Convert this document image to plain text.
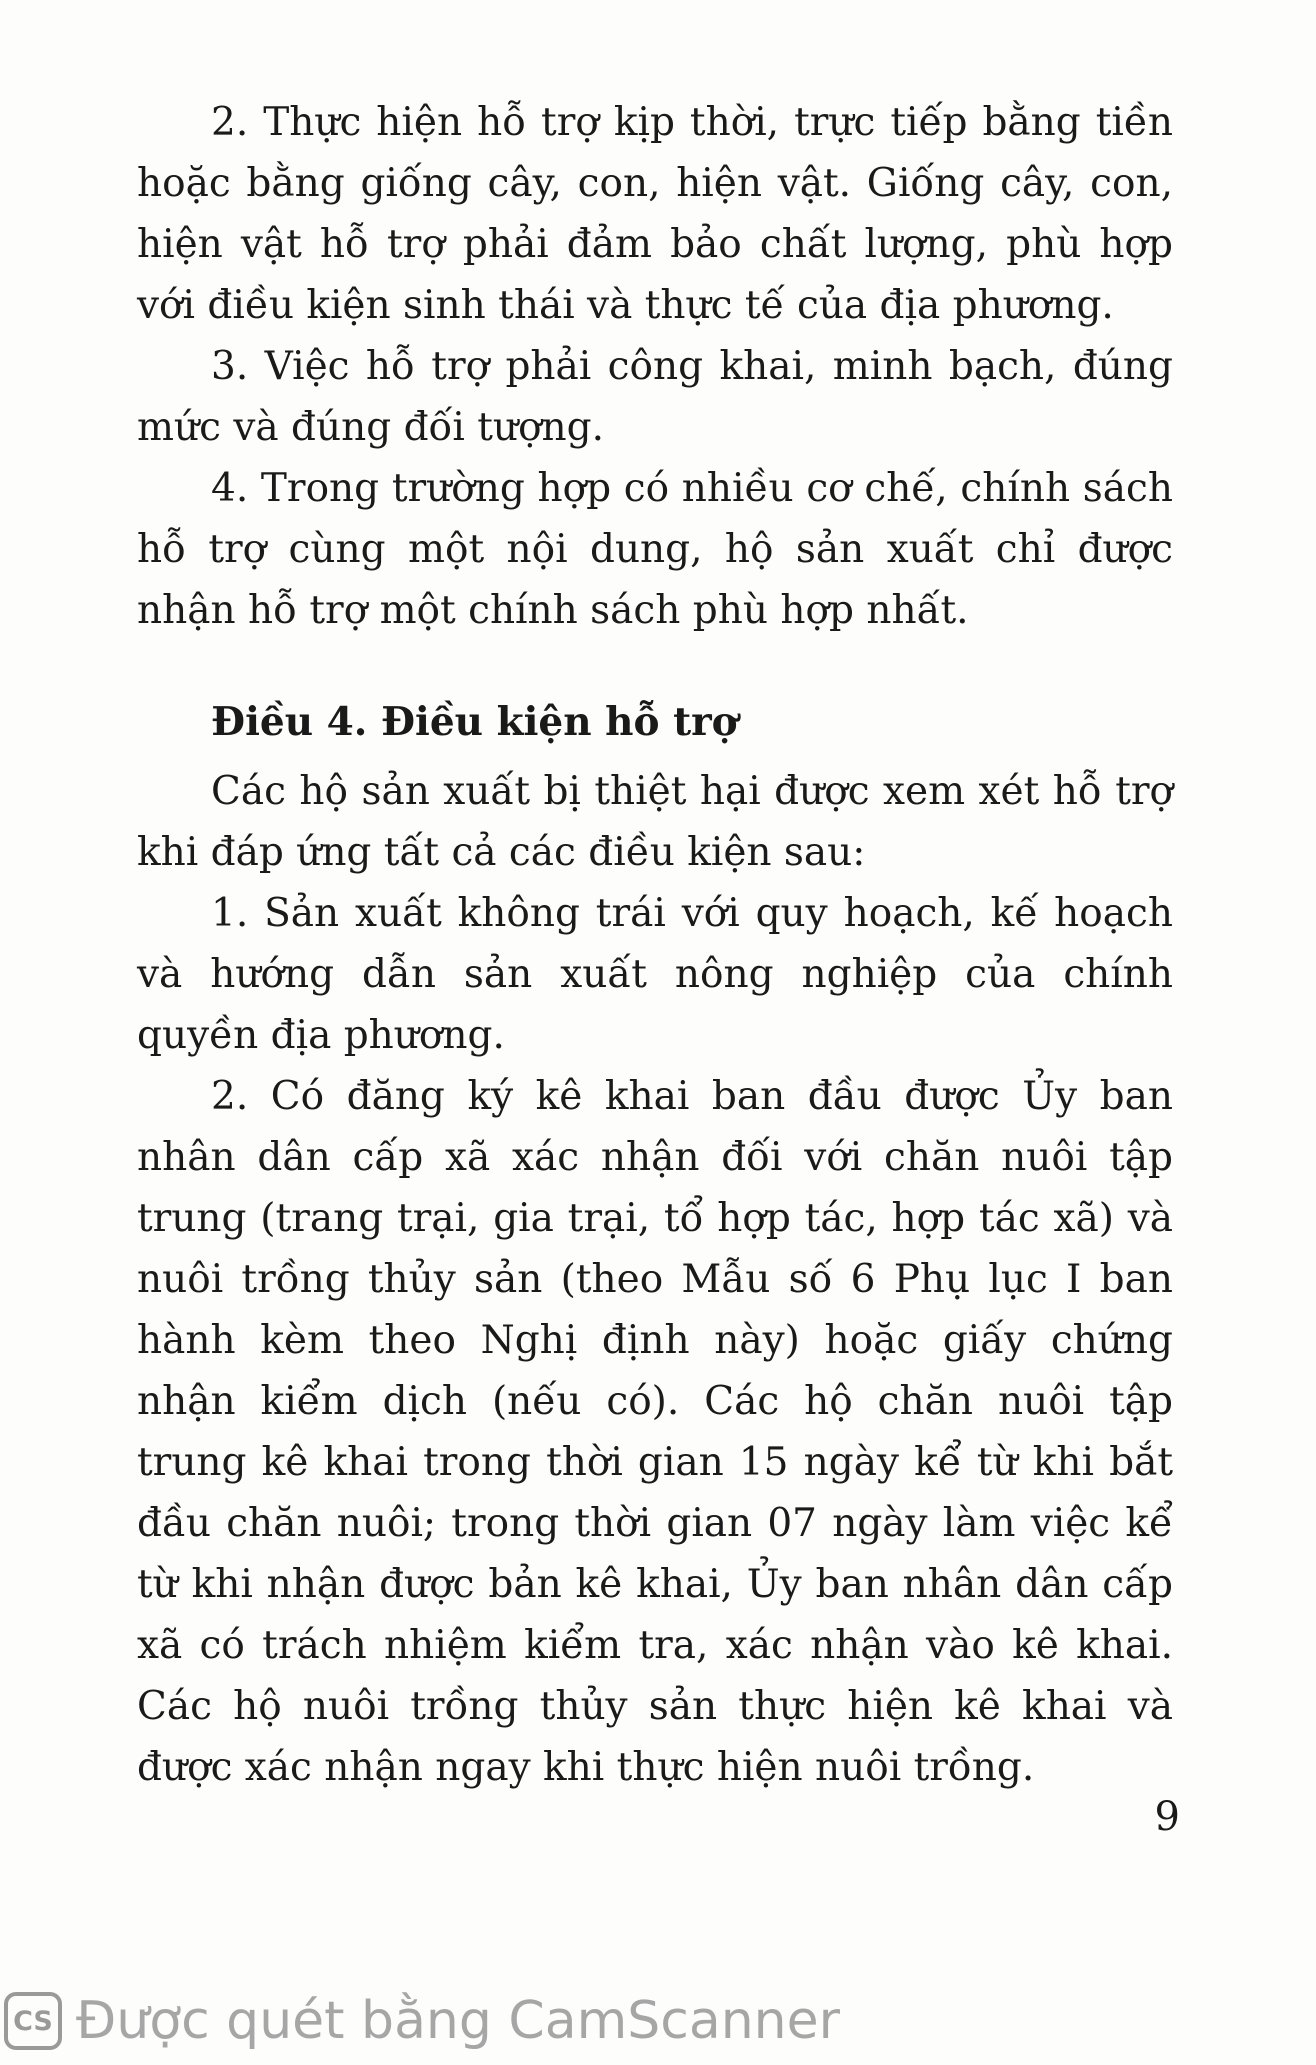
2. Thực hiện hỗ trợ kịp thời, trực tiếp bằng tiền hoặc bằng giống cây, con, hiện vật. Giống cây, con, hiện vật hỗ trợ phải đảm bảo chất lượng, phù hợp với điều kiện sinh thái và thực tế của địa phương.

3. Việc hỗ trợ phải công khai, minh bạch, đúng mức và đúng đối tượng.

4. Trong trường hợp có nhiều cơ chế, chính sách hỗ trợ cùng một nội dung, hộ sản xuất chỉ được nhận hỗ trợ một chính sách phù hợp nhất.

Điều 4. Điều kiện hỗ trợ

Các hộ sản xuất bị thiệt hại được xem xét hỗ trợ khi đáp ứng tất cả các điều kiện sau:

1. Sản xuất không trái với quy hoạch, kế hoạch và hướng dẫn sản xuất nông nghiệp của chính quyền địa phương.

2. Có đăng ký kê khai ban đầu được Ủy ban nhân dân cấp xã xác nhận đối với chăn nuôi tập trung (trang trại, gia trại, tổ hợp tác, hợp tác xã) và nuôi trồng thủy sản (theo Mẫu số 6 Phụ lục I ban hành kèm theo Nghị định này) hoặc giấy chứng nhận kiểm dịch (nếu có). Các hộ chăn nuôi tập trung kê khai trong thời gian 15 ngày kể từ khi bắt đầu chăn nuôi; trong thời gian 07 ngày làm việc kể từ khi nhận được bản kê khai, Ủy ban nhân dân cấp xã có trách nhiệm kiểm tra, xác nhận vào kê khai. Các hộ nuôi trồng thủy sản thực hiện kê khai và được xác nhận ngay khi thực hiện nuôi trồng.

9
CS Được quét bằng CamScanner
